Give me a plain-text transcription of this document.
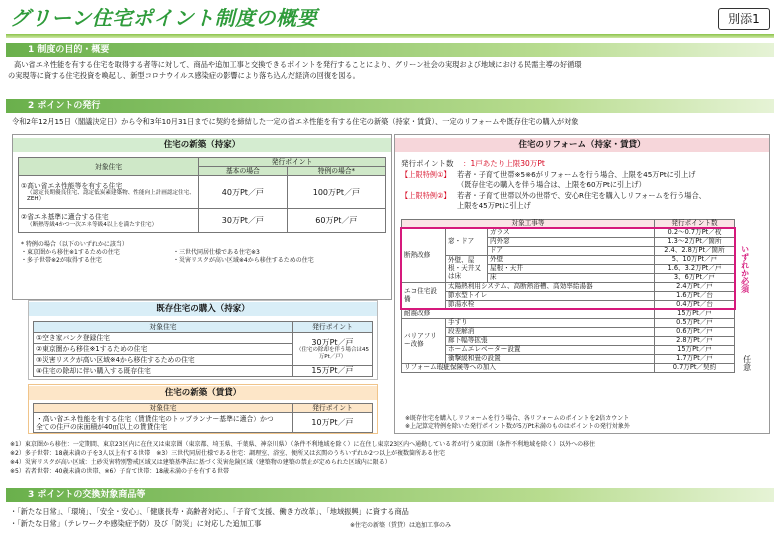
グリーン住宅ポイント制度の概要	別添1
1 制度の目的・概要
高い省エネ性能を有する住宅を取得する者等に対して、商品や追加工事と交換できるポイントを発行することにより、グリーン社会の実現および地域における民需主導の好循環
の実現等に資する住宅投資を喚起し、新型コロナウイルス感染症の影響により落ち込んだ経済の回復を図る。
2 ポイントの発行
令和2年12月15日（閣議決定日）から令和3年10月31日までに契約を締結した一定の省エネ性能を有する住宅の新築（持家・賃貸）、一定のリフォームや既存住宅の購入が対象
住宅の新築（持家）
対象住宅	発行ポイント	
	基本の場合	特例の場合*

①高い省エネ性能等を有する住宅
（認定長期優良住宅、認定低炭素建築物、性能向上計画認定住宅、ZEH）	40万Pt／戸	100万Pt／戸

②省エネ基準に適合する住宅
（断熱等級4かつ一次エネ等級4以上を満たす住宅）	30万Pt／戸	60万Pt／戸
* 特例の場合（以下のいずれかに該当）
・東京圏から移住※1するための住宅
・多子世帯※2が取得する住宅
・三世代同居仕様である住宅※3
・災害リスクが高い区域※4から移住するための住宅
既存住宅の購入（持家）
対象住宅	発行ポイント
①空き家バンク登録住宅	30万Pt／戸
（住宅の除却を伴う場合は45万Pt／戸）

②東京圏から移住※1するための住宅	
③災害リスクが高い区域※4から移住するための住宅	
④住宅の除却に伴い購入する既存住宅	15万Pt／戸
住宅の新築（賃貸）
対象住宅	発行ポイント

・高い省エネ性能を有する住宅（賃貸住宅のトップランナー基準に適合）かつ
全ての住戸の床面積が40㎡以上の賃貸住宅	10万Pt／戸
住宅のリフォーム（持家・賃貸）
発行ポイント数 ：1戸あたり上限30万Pt
【上限特例①】 若者・子育て世帯※5※6がリフォームを行う場合、上限を45万Ptに引上げ
（既存住宅の購入を伴う場合は、上限を60万Ptに引上げ）
【上限特例②】 若者・子育て世帯以外の世帯で、安心R住宅を購入しリフォームを行う場合、
上限を45万Ptに引上げ
対象工事等			発行ポイント数
断熱改修	窓・ドア	ガラス	0.2～0.7万Pt／枚
		内外窓	1.3～2万Pt／箇所
		ドア	2.4、2.8万Pt／箇所
	外壁、屋根・天井又は床	外壁	5、10万Pt／戸
		屋根・天井	1.6、3.2万Pt／戸
		床	3、6万Pt／戸
エコ住宅設備	太陽熱利用システム、高断熱浴槽、高効率給湯器		2.4万Pt／戸
	節水型トイレ		1.6万Pt／台
	節湯水栓		0.4万Pt／台
耐震改修			15万Pt／戸
バリアフリー改修	手すり		0.5万Pt／戸
	段差解消		0.6万Pt／戸
	廊下幅等拡張		2.8万Pt／戸
	ホームエレベーター設置		15万Pt／戸
	衝撃緩和畳の設置		1.7万Pt／戸
リフォーム瑕疵保険等への加入			0.7万Pt／契約
いずれか必須
任意
※既存住宅を購入しリフォームを行う場合、各リフォームのポイントを2倍カウント
※上記算定特例を除いた発行ポイント数が5万Pt未満のものはポイントの発行対象外
※1）東京圏から移住：一定期間、東京23区内に在住又は東京圏（東京都、埼玉県、千葉県、神奈川県）（条件不利地域を除く）に在住し東京23区内へ通勤している者が行う東京圏（条件不利地域を除く）以外への移住
※2）多子世帯：18歳未満の子を3人以上有する世帯　※3）三世代同居仕様である住宅：調理室、浴室、便所又は玄関のうちいずれか2つ以上が複数箇所ある住宅
※4）災害リスクが高い区域：土砂災害特別警戒区域又は建築基準法に基づく災害危険区域（建築物の建築の禁止が定められた区域内に限る）
※5）若者世帯：40歳未満の世帯、※6）子育て世帯：18歳未満の子を有する世帯
3 ポイントの交換対象商品等
・「新たな日常」、「環境」、「安全・安心」、「健康長寿・高齢者対応」、「子育て支援、働き方改革」、「地域振興」に資する商品
・「新たな日常」（テレワークや感染症予防）及び「防災」に対応した追加工事	※住宅の新築（賃貸）は追加工事のみ
